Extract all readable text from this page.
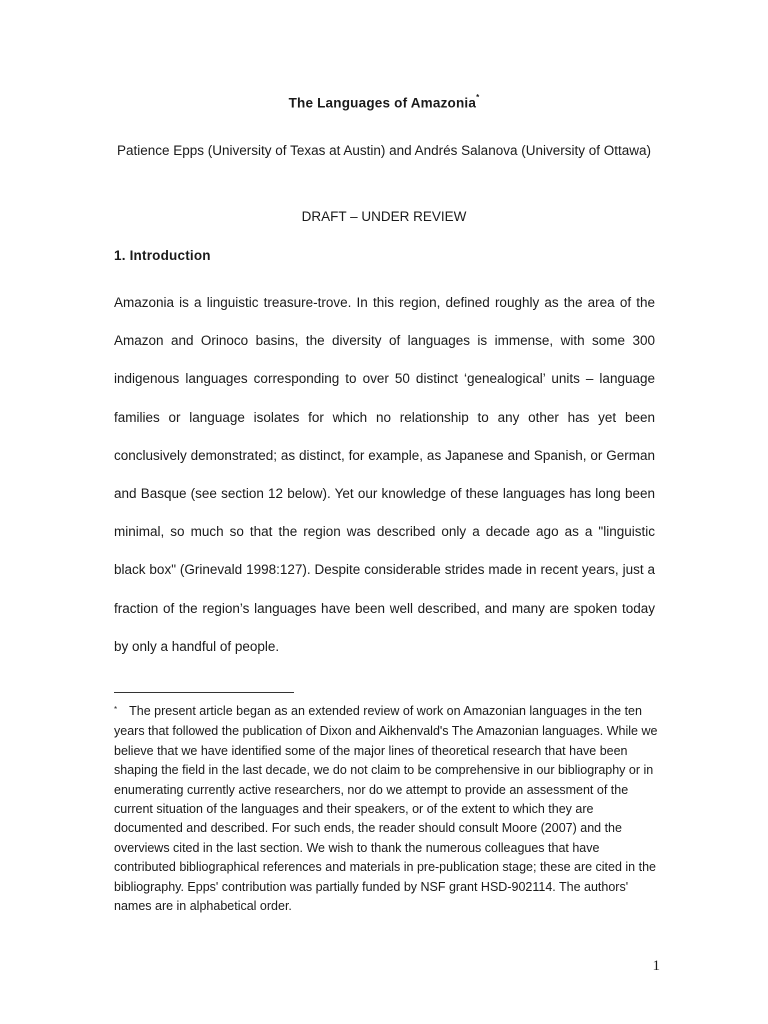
The Languages of Amazonia*
Patience Epps (University of Texas at Austin) and Andrés Salanova (University of Ottawa)
DRAFT – UNDER REVIEW
1. Introduction
Amazonia is a linguistic treasure-trove. In this region, defined roughly as the area of the Amazon and Orinoco basins, the diversity of languages is immense, with some 300 indigenous languages corresponding to over 50 distinct ‘genealogical’ units – language families or language isolates for which no relationship to any other has yet been conclusively demonstrated; as distinct, for example, as Japanese and Spanish, or German and Basque (see section 12 below). Yet our knowledge of these languages has long been minimal, so much so that the region was described only a decade ago as a "linguistic black box" (Grinevald 1998:127). Despite considerable strides made in recent years, just a fraction of the region’s languages have been well described, and many are spoken today by only a handful of people.
* The present article began as an extended review of work on Amazonian languages in the ten years that followed the publication of Dixon and Aikhenvald's The Amazonian languages. While we believe that we have identified some of the major lines of theoretical research that have been shaping the field in the last decade, we do not claim to be comprehensive in our bibliography or in enumerating currently active researchers, nor do we attempt to provide an assessment of the current situation of the languages and their speakers, or of the extent to which they are documented and described. For such ends, the reader should consult Moore (2007) and the overviews cited in the last section. We wish to thank the numerous colleagues that have contributed bibliographical references and materials in pre-publication stage; these are cited in the bibliography. Epps' contribution was partially funded by NSF grant HSD-902114. The authors' names are in alphabetical order.
1
